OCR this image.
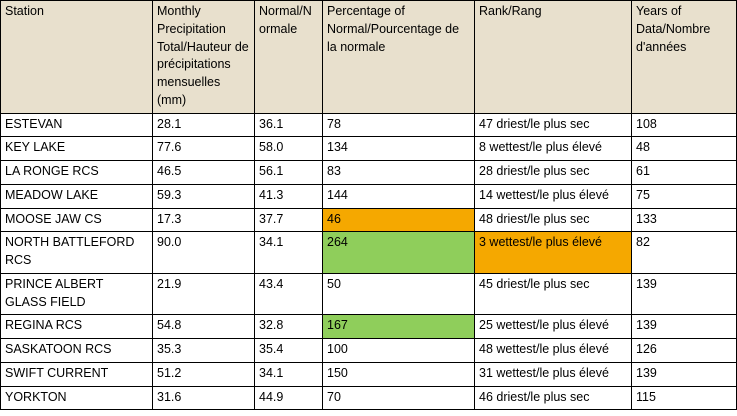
Station	Monthly Precipitation Total/Hauteur de précipitations mensuelles (mm)	Normal/Normale	Percentage of Normal/Pourcentage de la normale	Rank/Rang	Years of Data/Nombre d'années
ESTEVAN	28.1	36.1	78	47 driest/le plus sec	108
KEY LAKE	77.6	58.0	134	8 wettest/le plus élevé	48
LA RONGE RCS	46.5	56.1	83	28 driest/le plus sec	61
MEADOW LAKE	59.3	41.3	144	14 wettest/le plus élevé	75
MOOSE JAW CS	17.3	37.7	46	48 driest/le plus sec	133
NORTH BATTLEFORD RCS	90.0	34.1	264	3 wettest/le plus élevé	82
PRINCE ALBERT GLASS FIELD	21.9	43.4	50	45 driest/le plus sec	139
REGINA RCS	54.8	32.8	167	25 wettest/le plus élevé	139
SASKATOON RCS	35.3	35.4	100	48 wettest/le plus élevé	126
SWIFT CURRENT	51.2	34.1	150	31 wettest/le plus élevé	139
YORKTON	31.6	44.9	70	46 driest/le plus sec	115
